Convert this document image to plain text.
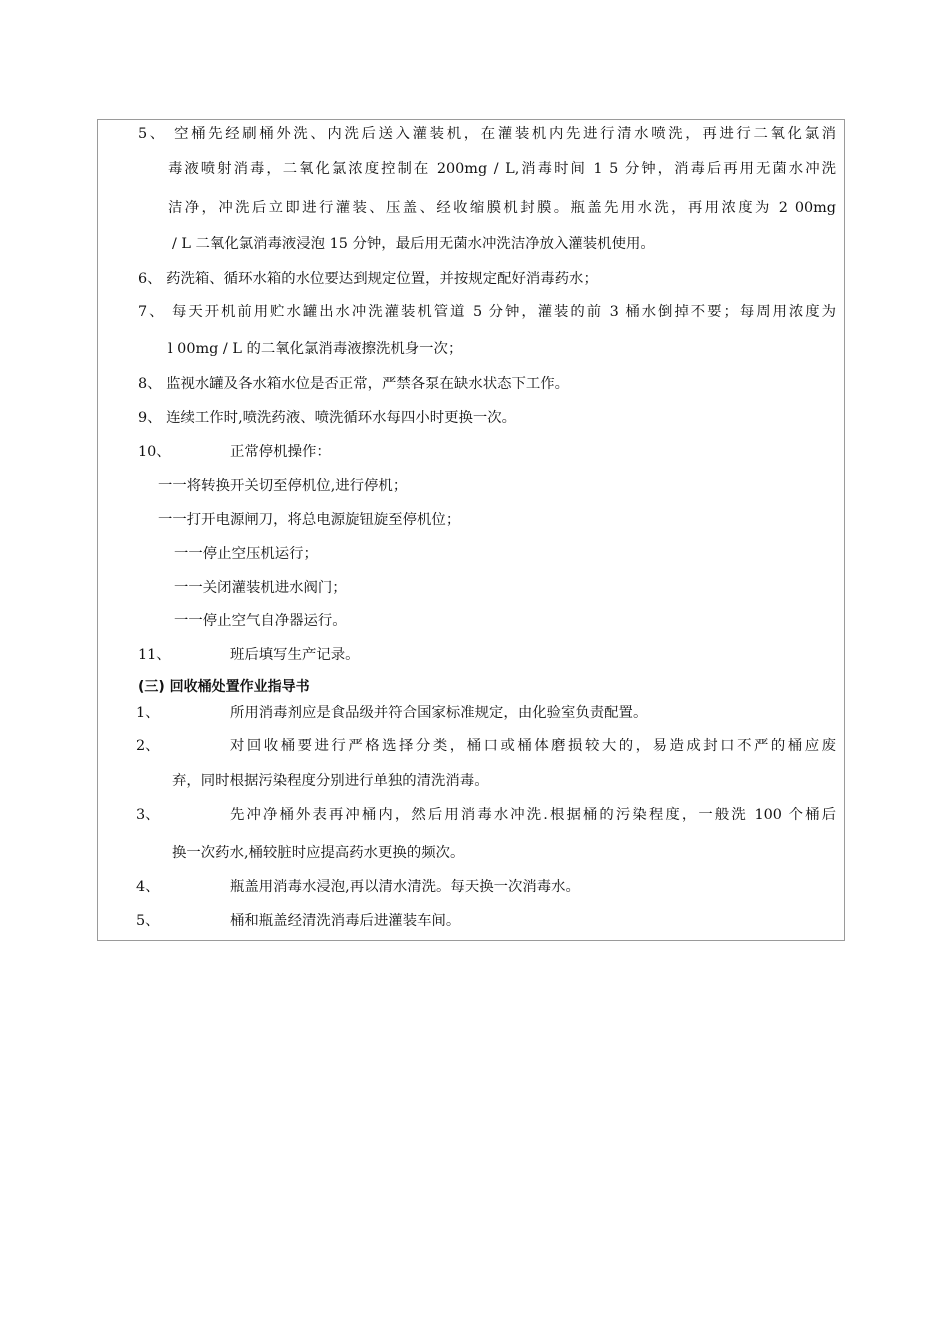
5、 空桶先经刷桶外洗、内洗后送入灌装机，在灌装机内先进行清水喷洗，再进行二氧化氯消
毒液喷射消毒，二氧化氯浓度控制在 200mg / L,消毒时间 1 5 分钟，消毒后再用无菌水冲洗
洁净，冲洗后立即进行灌装、压盖、经收缩膜机封膜。瓶盖先用水洗，再用浓度为 2 00mg
/ L 二氧化氯消毒液浸泡 15 分钟，最后用无菌水冲洗洁净放入灌装机使用。
6、 药洗箱、循环水箱的水位要达到规定位置，并按规定配好消毒药水；
7、 每天开机前用贮水罐出水冲洗灌装机管道 5 分钟，灌装的前 3 桶水倒掉不要；每周用浓度为
l 00mg / L 的二氧化氯消毒液擦洗机身一次；
8、 监视水罐及各水箱水位是否正常，严禁各泵在缺水状态下工作。
9、 连续工作时,喷洗药液、喷洗循环水每四小时更换一次。
10、	正常停机操作：
一一将转换开关切至停机位,进行停机；
一一打开电源闸刀，将总电源旋钮旋至停机位；
一一停止空压机运行；
一一关闭灌装机进水阀门；
一一停止空气自净器运行。
11、	班后填写生产记录。
(三) 回收桶处置作业指导书
1、	所用消毒剂应是食品级并符合国家标准规定，由化验室负责配置。
2、	对回收桶要进行严格选择分类，桶口或桶体磨损较大的，易造成封口不严的桶应废
弃，同时根据污染程度分别进行单独的清洗消毒。
3、	先冲净桶外表再冲桶内，然后用消毒水冲洗.根据桶的污染程度，一般洗 100 个桶后
换一次药水,桶较脏时应提高药水更换的频次。
4、	瓶盖用消毒水浸泡,再以清水清洗。每天换一次消毒水。
5、	桶和瓶盖经清洗消毒后进灌装车间。
